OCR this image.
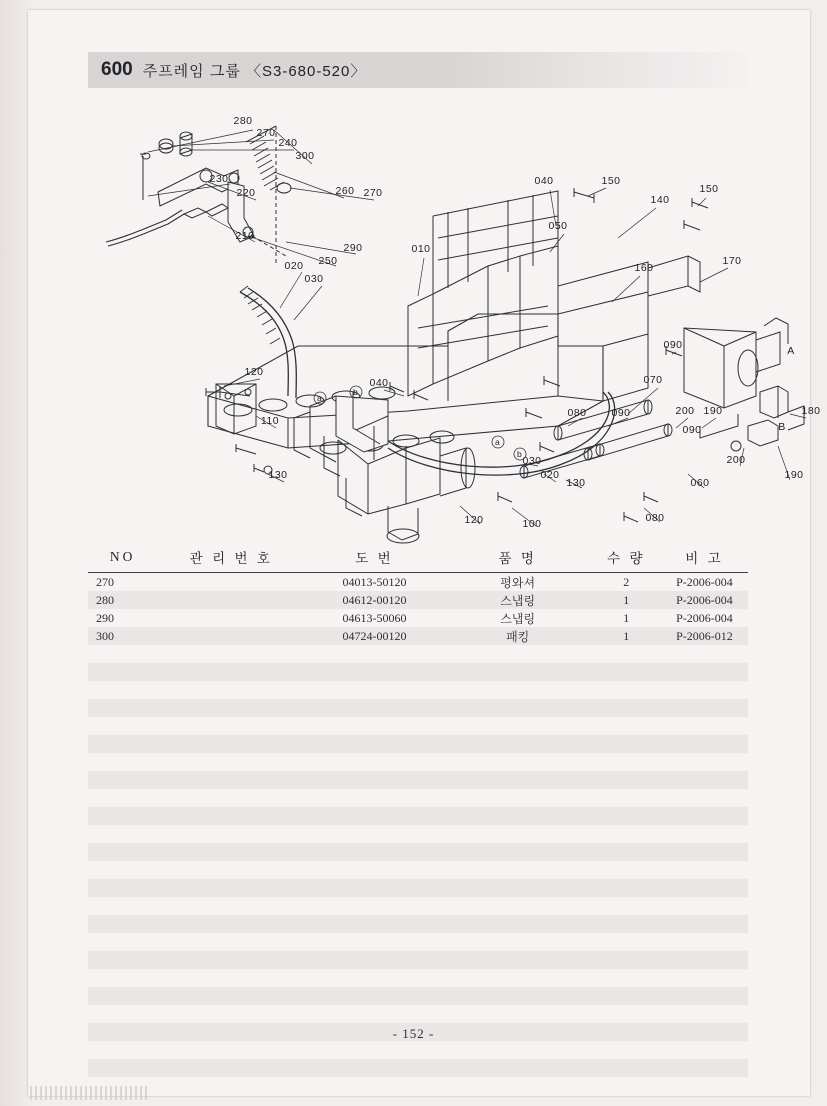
600 주프레임 그룹 〈S3-680-520〉
a
b
a
b
280
270
240
300
230
220	260 270
210
250
290	010
020
030
040	150
140
150
050
160
170
090
120
040
110
070
090	200 190	180
090
130
080
030
020
130
200
190
060
080
120	100
A
B
NO	관 리 번 호	도 번	품 명	수 량	비 고
270		04013-50120	평와셔	2	P-2006-004
280		04612-00120	스냅링	1	P-2006-004
290		04613-50060	스냅링	1	P-2006-004
300		04724-00120	패킹	1	P-2006-012

- 152 -
